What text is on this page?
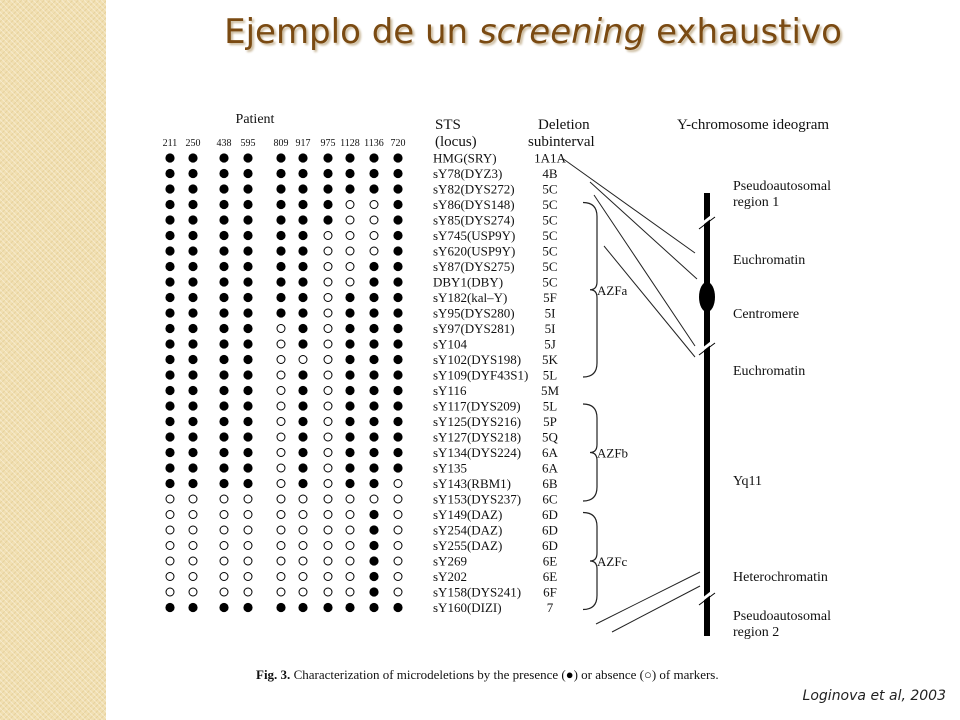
Ejemplo de un screening exhaustivo
Patient
211 250 438 595 809 917 975 1128 1136 720
STS
(locus)
Deletion
subinterval
Y-chromosome ideogram
HMG(SRY)
sY78(DYZ3)
sY82(DYS272)
sY86(DYS148)
sY85(DYS274)
sY745(USP9Y)
sY620(USP9Y)
sY87(DYS275)
DBY1(DBY)
sY182(kal–Y)
sY95(DYS280)
sY97(DYS281)
sY104
sY102(DYS198)
sY109(DYF43S1)
sY116
sY117(DYS209)
sY125(DYS216)
sY127(DYS218)
sY134(DYS224)
sY135
sY143(RBM1)
sY153(DYS237)
sY149(DAZ)
sY254(DAZ)
sY255(DAZ)
sY269
sY202
sY158(DYS241)
sY160(DIZI)
1A1A
4B
5C
5C
5C
5C
5C
5C
5C
5F
5I
5I
5J
5K
5L
5M
5L
5P
5Q
6A
6A
6B
6C
6D
6D
6D
6E
6E
6F
7
AZFa
AZFb
AZFc
Pseudoautosomal
region 1
Euchromatin
Centromere
Euchromatin
Yq11
Heterochromatin
Pseudoautosomal
region 2
Fig. 3. Characterization of microdeletions by the presence (●) or absence (○) of markers.
Loginova et al, 2003
